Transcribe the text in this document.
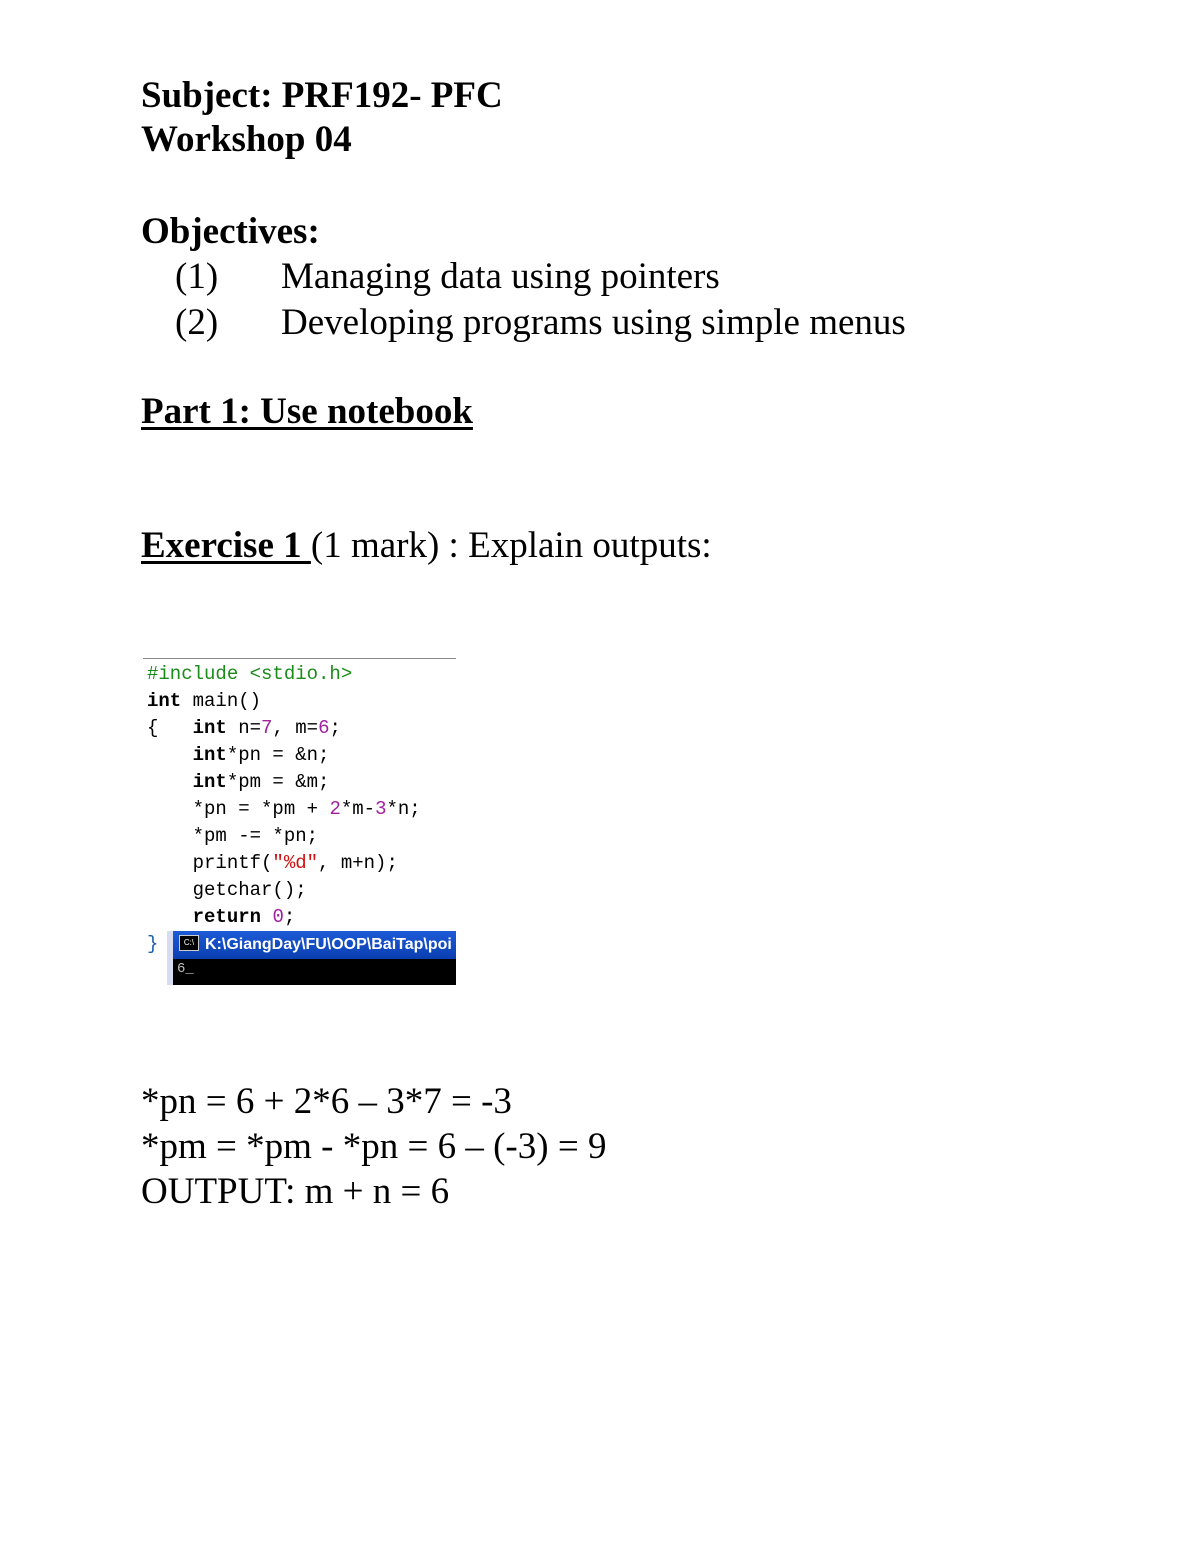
Subject: PRF192- PFC
Workshop 04
Objectives:
(1)	Managing data using pointers
(2)	Developing programs using simple menus
Part 1: Use notebook
Exercise 1 (1 mark) : Explain outputs:
#include <stdio.h>
int main()
{   int n=7, m=6;
int*pn = &n;
int*pm = &m;
*pn = *pm + 2*m-3*n;
*pm -= *pn;
printf("%d", m+n);
getchar();
return 0;
}	C:\ K:\GiangDay\FU\OOP\BaiTap\poi
6_
*pn = 6 + 2*6 – 3*7 = -3
*pm = *pm - *pn = 6 – (-3) = 9
OUTPUT: m + n = 6
